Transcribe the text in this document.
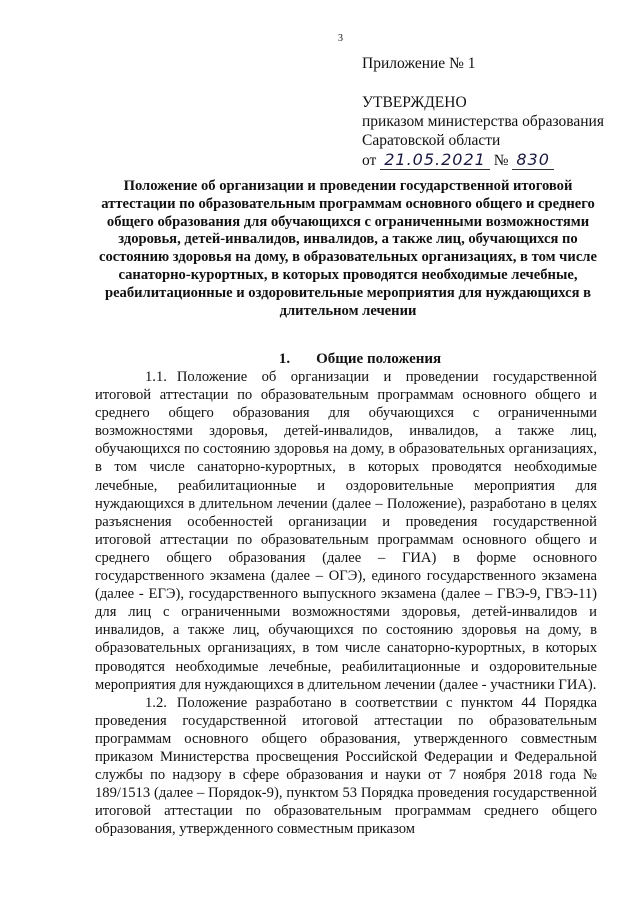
3
Приложение № 1
УТВЕРЖДЕНО
приказом министерства образования
Саратовской области
от 21.05.2021 № 830
Положение об организации и проведении государственной итоговой аттестации по образовательным программам основного общего и среднего общего образования для обучающихся с ограниченными возможностями здоровья, детей-инвалидов, инвалидов, а также лиц, обучающихся по состоянию здоровья на дому, в образовательных организациях, в том числе санаторно-курортных, в которых проводятся необходимые лечебные, реабилитационные и оздоровительные мероприятия для нуждающихся в длительном лечении
1. Общие положения

1.1. Положение об организации и проведении государственной итоговой аттестации по образовательным программам основного общего и среднего общего образования для обучающихся с ограниченными возможностями здоровья, детей-инвалидов, инвалидов, а также лиц, обучающихся по состоянию здоровья на дому, в образовательных организациях, в том числе санаторно-курортных, в которых проводятся необходимые лечебные, реабилитационные и оздоровительные мероприятия для нуждающихся в длительном лечении (далее – Положение), разработано в целях разъяснения особенностей организации и проведения государственной итоговой аттестации по образовательным программам основного общего и среднего общего образования (далее – ГИА) в форме основного государственного экзамена (далее – ОГЭ), единого государственного экзамена (далее - ЕГЭ), государственного выпускного экзамена (далее – ГВЭ-9, ГВЭ-11) для лиц с ограниченными возможностями здоровья, детей-инвалидов и инвалидов, а также лиц, обучающихся по состоянию здоровья на дому, в образовательных организациях, в том числе санаторно-курортных, в которых проводятся необходимые лечебные, реабилитационные и оздоровительные мероприятия для нуждающихся в длительном лечении (далее - участники ГИА).

1.2. Положение разработано в соответствии с пунктом 44 Порядка проведения государственной итоговой аттестации по образовательным программам основного общего образования, утвержденного совместным приказом Министерства просвещения Российской Федерации и Федеральной службы по надзору в сфере образования и науки от 7 ноября 2018 года № 189/1513 (далее – Порядок-9), пунктом 53 Порядка проведения государственной итоговой аттестации по образовательным программам среднего общего образования, утвержденного совместным приказом
